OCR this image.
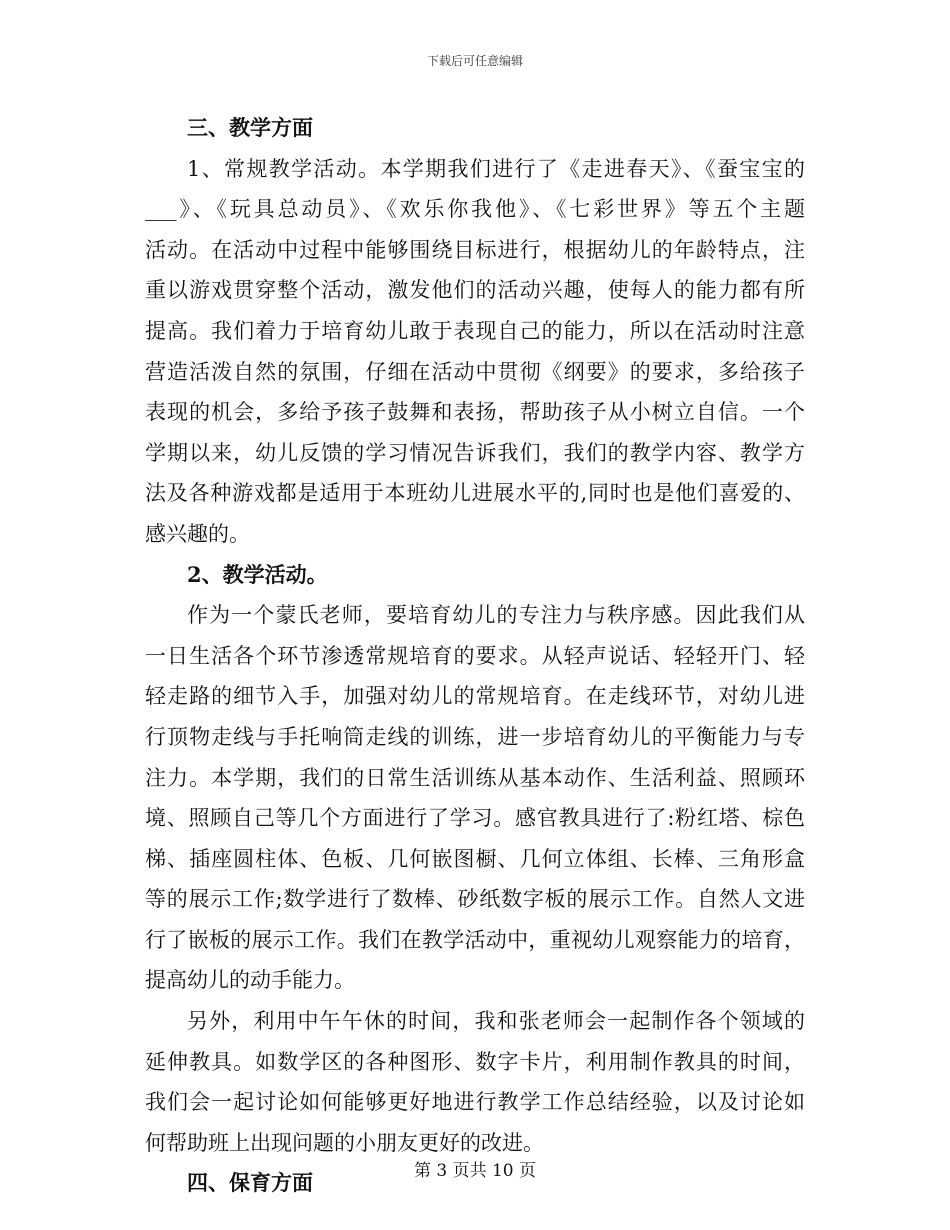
下载后可任意编辑
三、教学方面
1、常规教学活动。本学期我们进行了《走进春天》、《蚕宝宝的
___》、《玩具总动员》、《欢乐你我他》、《七彩世界》等五个主题
活动。在活动中过程中能够围绕目标进行，根据幼儿的年龄特点，注
重以游戏贯穿整个活动，激发他们的活动兴趣，使每人的能力都有所
提高。我们着力于培育幼儿敢于表现自己的能力，所以在活动时注意
营造活泼自然的氛围，仔细在活动中贯彻《纲要》的要求，多给孩子
表现的机会，多给予孩子鼓舞和表扬，帮助孩子从小树立自信。一个
学期以来，幼儿反馈的学习情况告诉我们，我们的教学内容、教学方
法及各种游戏都是适用于本班幼儿进展水平的,同时也是他们喜爱的、
感兴趣的。
2、教学活动。
作为一个蒙氏老师，要培育幼儿的专注力与秩序感。因此我们从
一日生活各个环节渗透常规培育的要求。从轻声说话、轻轻开门、轻
轻走路的细节入手，加强对幼儿的常规培育。在走线环节，对幼儿进
行顶物走线与手托响筒走线的训练，进一步培育幼儿的平衡能力与专
注力。本学期，我们的日常生活训练从基本动作、生活利益、照顾环
境、照顾自己等几个方面进行了学习。感官教具进行了:粉红塔、棕色
梯、插座圆柱体、色板、几何嵌图橱、几何立体组、长棒、三角形盒
等的展示工作;数学进行了数棒、砂纸数字板的展示工作。自然人文进
行了嵌板的展示工作。我们在教学活动中，重视幼儿观察能力的培育，
提高幼儿的动手能力。
另外，利用中午午休的时间，我和张老师会一起制作各个领域的
延伸教具。如数学区的各种图形、数字卡片，利用制作教具的时间，
我们会一起讨论如何能够更好地进行教学工作总结经验，以及讨论如
何帮助班上出现问题的小朋友更好的改进。
四、保育方面	第 3 页共 10 页
